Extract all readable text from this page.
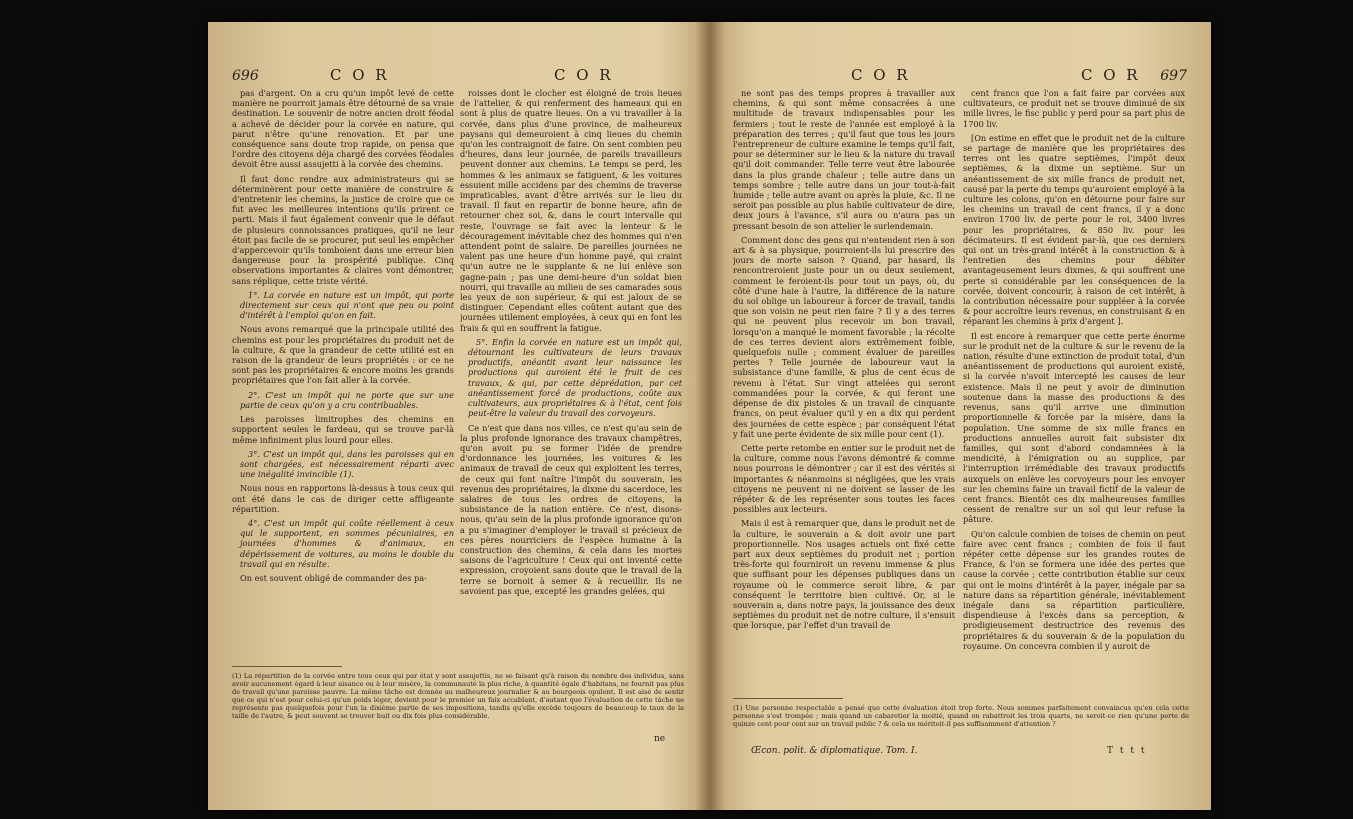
696	C O R	C O R

pas d'argent. On a cru qu'un impôt levé de cette manière ne pourroit jamais être détourné de sa vraie destination. Le souvenir de notre ancien droit féodal a achevé de décider pour la corvée en nature, qui parut n'être qu'une renovation. Et par une conséquence sans doute trop rapide, on pensa que l'ordre des citoyens déja chargé des corvées féodales devoit être aussi assujetti à la corvée des chemins.

Il faut donc rendre aux administrateurs qui se déterminèrent pour cette manière de construire & d'entretenir les chemins, la justice de croire que ce fut avec les meilleures intentions qu'ils prirent ce parti. Mais il faut également convenir que le défaut de plusieurs connoissances pratiques, qu'il ne leur étoit pas facile de se procurer, put seul les empêcher d'appercevoir qu'ils tomboient dans une erreur bien dangereuse pour la prospérité publique. Cinq observations importantes & claires vont démontrer, sans réplique, cette triste vérité.

1°. La corvée en nature est un impôt, qui porte directement sur ceux qui n'ont que peu ou point d'intérêt à l'emploi qu'on en fait.

Nous avons remarqué que la principale utilité des chemins est pour les propriétaires du produit net de la culture, & que la grandeur de cette utilité est en raison de la grandeur de leurs propriétés : or ce ne sont pas les propriétaires & encore moins les grands propriétaires que l'on fait aller à la corvée.

2°. C'est un impôt qui ne porte que sur une partie de ceux qu'on y a cru contribuables.

Les paroisses limitrophes des chemins en supportent seules le fardeau, qui se trouve par-là même infiniment plus lourd pour elles.

3°. C'est un impôt qui, dans les paroisses qui en sont chargées, est nécessairement réparti avec une inégalité invincible (1).

Nous nous en rapportons là-dessus à tous ceux qui ont été dans le cas de diriger cette affligeante répartition.

4°. C'est un impôt qui coûte réellement à ceux qui le supportent, en sommes pécuniaires, en journées d'hommes & d'animaux, en dépérissement de voitures, au moins le double du travail qui en résulte.

On est souvent obligé de commander des pa-

roisses dont le clocher est éloigné de trois lieues de l'attelier, & qui renferment des hameaux qui en sont à plus de quatre lieues. On a vu travailler à la corvée, dans plus d'une province, de malheureux paysans qui demeuroient à cinq lieues du chemin qu'on les contraignoit de faire. On sent combien peu d'heures, dans leur journée, de pareils travailleurs peuvent donner aux chemins. Le temps se perd, les hommes & les animaux se fatiguent, & les voitures essuient mille accidens par des chemins de traverse impraticables, avant d'être arrivés sur le lieu du travail. Il faut en repartir de bonne heure, afin de retourner chez soi, &, dans le court intervalle qui reste, l'ouvrage se fait avec la lenteur & le découragement inévitable chez des hommes qui n'en attendent point de salaire. De pareilles journées ne valent pas une heure d'un homme payé, qui craint qu'un autre ne le supplante & ne lui enlève son gagne-pain ; pas une demi-heure d'un soldat bien nourri, qui travaille au milieu de ses camarades sous les yeux de son supérieur, & qui est jaloux de se distinguer. Cependant elles coûtent autant que des journées utilement employées, à ceux qui en font les frais & qui en souffrent la fatigue.

5°. Enfin la corvée en nature est un impôt qui, détournant les cultivateurs de leurs travaux productifs, anéantit avant leur naissance les productions qui auroient été le fruit de ces travaux, & qui, par cette déprédation, par cet anéantissement forcé de productions, coûte aux cultivateurs, aux propriétaires & à l'état, cent fois peut-être la valeur du travail des corvoyeurs.

Ce n'est que dans nos villes, ce n'est qu'au sein de la plus profonde ignorance des travaux champêtres, qu'on avoit pu se former l'idée de prendre d'ordonnance les journées, les voitures & les animaux de travail de ceux qui exploitent les terres, de ceux qui font naître l'impôt du souverain, les revenus des propriétaires, la dixme du sacerdoce, les salaires de tous les ordres de citoyens, la subsistance de la nation entière. Ce n'est, disons-nous, qu'au sein de la plus profonde ignorance qu'on a pu s'imaginer d'employer le travail si précieux de ces pères nourriciers de l'espèce humaine à la construction des chemins, & cela dans les mortes saisons de l'agriculture ! Ceux qui ont inventé cette expression, croyoient sans doute que le travail de la terre se bornoit à semer & à recueillir. Ils ne savoient pas que, excepté les grandes gelées, qui

(1) La répartition de la corvée entre tous ceux qui par état y sont assujettis, ne se faisant qu'à raison du nombre des individus, sans avoir aucunement égard à leur aisance ou à leur misère, la communauté la plus riche, à quantité égale d'habitans, ne fournit pas plus de travail qu'une paroisse pauvre. La même tâche est donnée au malheureux journalier & au bourgeois opulent. Il est aisé de sentir que ce qui n'est pour celui-ci qu'un poids léger, devient pour le premier un faix accablant, d'autant que l'évaluation de cette tâche ne représente pas quelquefois pour l'un la dixième partie de ses impositions, tandis qu'elle excède toujours de beaucoup le taux de la taille de l'autre, & peut souvent se trouver huit ou dix fois plus considérable.
ne
C O R	C O R 697

ne sont pas des temps propres à travailler aux chemins, & qui sont même consacrées à une multitude de travaux indispensables pour les fermiers ; tout le reste de l'année est employé à la préparation des terres ; qu'il faut que tous les jours l'entrepreneur de culture examine le temps qu'il fait, pour se déterminer sur le lieu & la nature du travail qu'il doit commander. Telle terre veut être labourée dans la plus grande chaleur ; telle autre dans un temps sombre ; telle autre dans un jour tout-à-fait humide ; telle autre avant ou après la pluie, &c. Il ne seroit pas possible au plus habile cultivateur de dire, deux jours à l'avance, s'il aura ou n'aura pas un pressant besoin de son attelier le surlendemain.

Comment donc des gens qui n'entendent rien à son art & à sa physique, pourroient-ils lui prescrire des jours de morte saison ? Quand, par hasard, ils rencontreroient juste pour un ou deux seulement, comment le feroient-ils pour tout un pays, où, du côté d'une haie à l'autre, la différence de la nature du sol oblige un laboureur à forcer de travail, tandis que son voisin ne peut rien faire ? Il y a des terres qui ne peuvent plus recevoir un bon travail, lorsqu'on a manqué le moment favorable ; la récolte de ces terres devient alors extrêmement foible, quelquefois nulle ; comment évaluer de pareilles pertes ? Telle journée de laboureur vaut la subsistance d'une famille, & plus de cent écus de revenu à l'état. Sur vingt attelées qui seront commandées pour la corvée, & qui feront une dépense de dix pistoles & un travail de cinquante francs, on peut évaluer qu'il y en a dix qui perdent des journées de cette espèce ; par conséquent l'état y fait une perte évidente de six mille pour cent (1).

Cette perte retombe en entier sur le produit net de la culture, comme nous l'avons démontré & comme nous pourrons le démontrer ; car il est des vérités si importantes & néanmoins si négligées, que les vrais citoyens ne peuvent ni ne doivent se lasser de les répéter & de les représenter sous toutes les faces possibles aux lecteurs.

Mais il est à remarquer que, dans le produit net de la culture, le souverain a & doit avoir une part proportionnelle. Nos usages actuels ont fixé cette part aux deux septièmes du produit net ; portion très-forte qui fourniroit un revenu immense & plus que suffisant pour les dépenses publiques dans un royaume où le commerce seroit libre, & par conséquent le territoire bien cultivé. Or, si le souverain a, dans notre pays, la jouissance des deux septièmes du produit net de notre culture, il s'ensuit que lorsque, par l'effet d'un travail de

cent francs que l'on a fait faire par corvées aux cultivateurs, ce produit net se trouve diminué de six mille livres, le fisc public y perd pour sa part plus de 1700 liv.

[On estime en effet que le produit net de la culture se partage de manière que les propriétaires des terres ont les quatre septièmes, l'impôt deux septièmes, & la dixme un septième. Sur un anéantissement de six mille francs de produit net, causé par la perte du temps qu'auroient employé à la culture les colons, qu'on en détourne pour faire sur les chemins un travail de cent francs, il y a donc environ 1700 liv. de perte pour le roi, 3400 livres pour les propriétaires, & 850 liv. pour les décimateurs. Il est évident par-là, que ces derniers qui ont un très-grand intérêt à la construction & à l'entretien des chemins pour débiter avantageusement leurs dixmes, & qui souffrent une perte si considérable par les conséquences de la corvée, doivent concourir, à raison de cet intérêt, à la contribution nécessaire pour suppléer à la corvée & pour accroître leurs revenus, en construisant & en réparant les chemins à prix d'argent ].

Il est encore à remarquer que cette perte énorme sur le produit net de la culture & sur le revenu de la nation, résulte d'une extinction de produit total, d'un anéantissement de productions qui auroient existé, si la corvée n'avoit intercepté les causes de leur existence. Mais il ne peut y avoir de diminution soutenue dans la masse des productions & des revenus, sans qu'il arrive une diminution proportionnelle & forcée par la misère, dans la population. Une somme de six mille francs en productions annuelles auroit fait subsister dix familles, qui sont d'abord condamnées à la mendicité, à l'émigration ou au supplice, par l'interruption irrémédiable des travaux productifs auxquels on enlève les corvoyeurs pour les envoyer sur les chemins faire un travail fictif de la valeur de cent francs. Bientôt ces dix malheureuses familles cessent de renaître sur un sol qui leur refuse la pâture.

Qu'on calcule combien de toises de chemin on peut faire avec cent francs ; combien de fois il faut répéter cette dépense sur les grandes routes de France, & l'on se formera une idée des pertes que cause la corvée ; cette contribution établie sur ceux qui ont le moins d'intérêt à la payer, inégale par sa nature dans sa répartition générale, inévitablement inégale dans sa répartition particulière, dispendieuse à l'excès dans sa perception, & prodigieusement destructrice des revenus des propriétaires & du souverain & de la population du royaume. On concevra combien il y auroit de

(1) Une personne respectable a pensé que cette évaluation étoit trop forte. Nous sommes parfaitement convaincus qu'en cela cette personne s'est trompée ; mais quand un cabaretier la moitié, quand on rabattroit les trois quarts, ne seroit-ce rien qu'une perte de quinze cent pour cent sur un travail public ? & cela ne méritoit-il pas suffisamment d'attention ?
Œcon. polit. & diplomatique. Tom. I.	T t t t
